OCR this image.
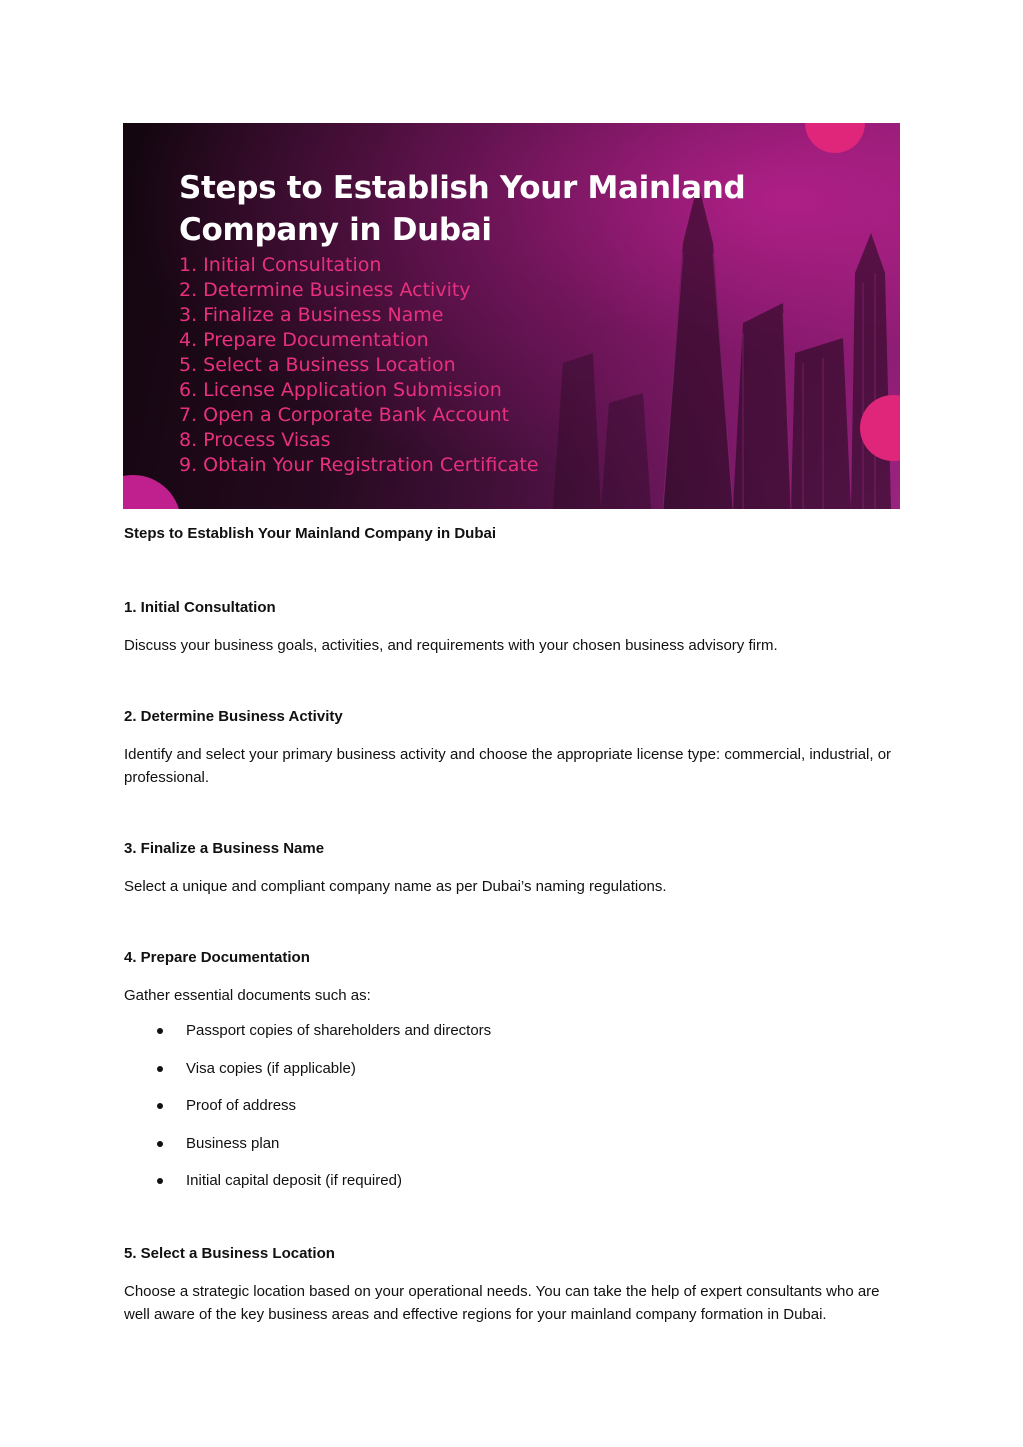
Steps to Establish Your Mainland
Company in Dubai
1. Initial Consultation
2. Determine Business Activity
3. Finalize a Business Name
4. Prepare Documentation
5. Select a Business Location
6. License Application Submission
7. Open a Corporate Bank Account
8. Process Visas
9. Obtain Your Registration Certificate
Steps to Establish Your Mainland Company in Dubai
1. Initial Consultation

Discuss your business goals, activities, and requirements with your chosen business advisory firm.

2. Determine Business Activity

Identify and select your primary business activity and choose the appropriate license type: commercial, industrial, or professional.

3. Finalize a Business Name

Select a unique and compliant company name as per Dubai’s naming regulations.

4. Prepare Documentation

Gather essential documents such as:

Passport copies of shareholders and directors
Visa copies (if applicable)
Proof of address
Business plan
Initial capital deposit (if required)
5. Select a Business Location

Choose a strategic location based on your operational needs. You can take the help of expert consultants who are well aware of the key business areas and effective regions for your mainland company formation in Dubai.
